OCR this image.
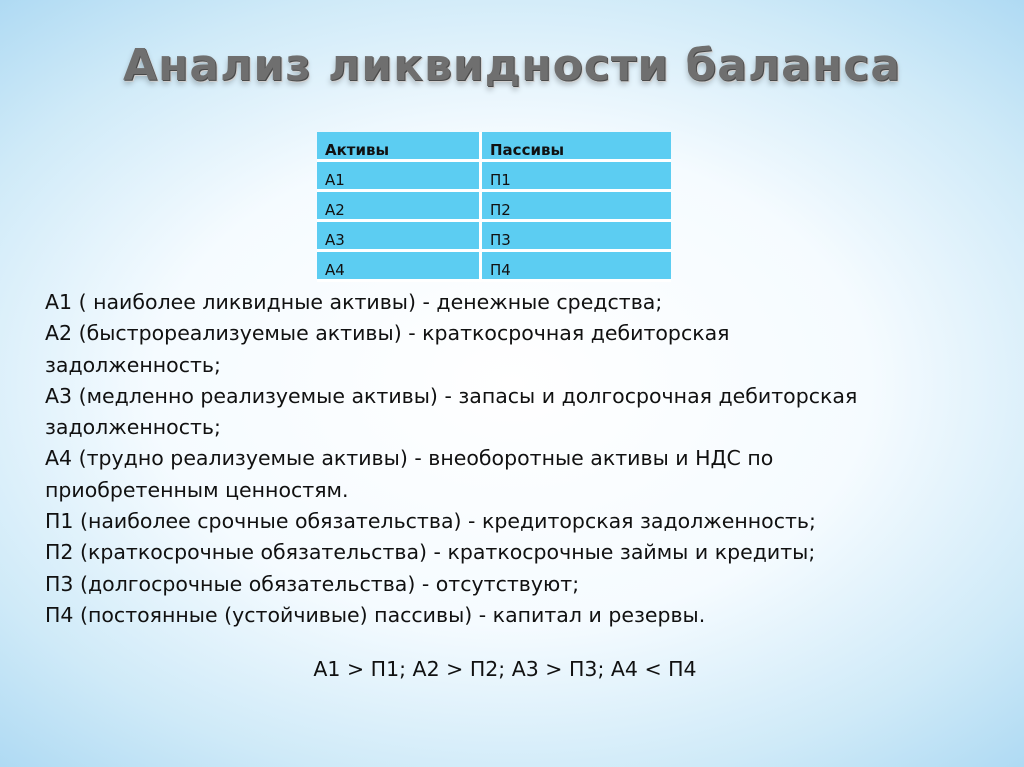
Анализ ликвидности баланса
Активы	Пассивы
А1	П1
А2	П2
А3	П3
А4	П4

А1 ( наиболее ликвидные активы) - денежные средства;

А2 (быстрореализуемые активы) - краткосрочная дебиторская

задолженность;

А3 (медленно реализуемые активы) - запасы и долгосрочная дебиторская

задолженность;

А4 (трудно реализуемые активы) - внеоборотные активы и НДС по

приобретенным ценностям.

П1 (наиболее срочные обязательства) - кредиторская задолженность;

П2 (краткосрочные обязательства) - краткосрочные займы и кредиты;

П3 (долгосрочные обязательства) - отсутствуют;

П4 (постоянные (устойчивые) пассивы) - капитал и резервы.

А1 > П1; А2 > П2; А3 > П3; А4 < П4
